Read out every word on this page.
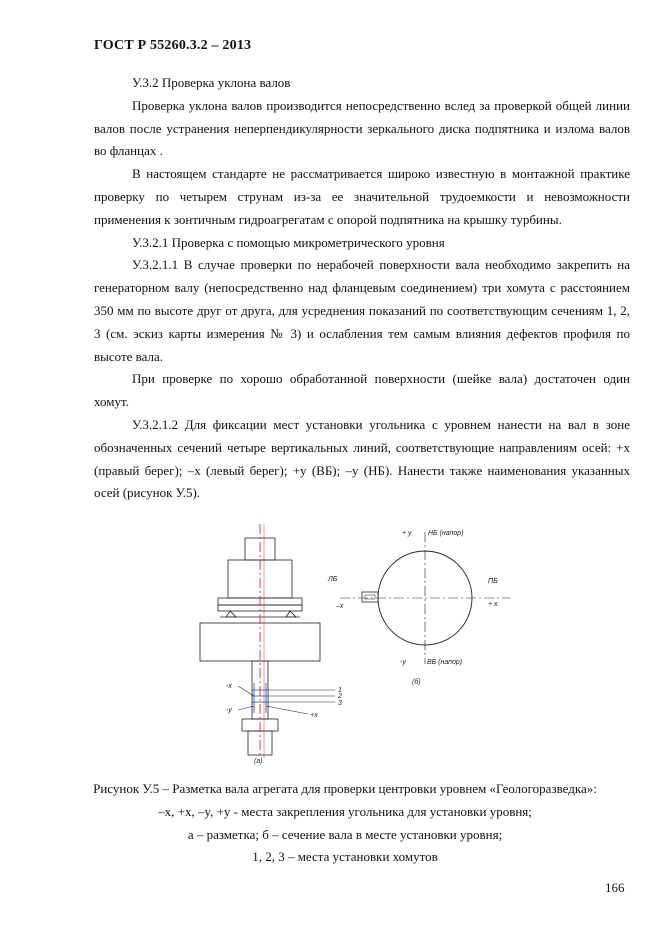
ГОСТ Р 55260.3.2 – 2013

У.3.2 Проверка уклона валов

Проверка уклона валов производится непосредственно вслед за проверкой общей линии валов после устранения неперпендикулярности зеркального диска подпятника и излома валов во фланцах .

В настоящем стандарте не рассматривается широко известную в монтажной практике проверку по четырем струнам из-за ее значительной трудоемкости и невозможности применения к зонтичным гидроагрегатам с опорой подпятника на крышку турбины.

У.3.2.1 Проверка с помощью микрометрического уровня

У.3.2.1.1 В случае проверки по нерабочей поверхности вала необходимо закрепить на генераторном валу (непосредственно над фланцевым соединением) три хомута с расстоянием 350 мм по высоте друг от друга, для усреднения показаний по соответствующим сечениям 1, 2, 3 (см. эскиз карты измерения № 3) и ослабления тем самым влияния дефектов профиля по высоте вала.

При проверке по хорошо обработанной поверхности (шейке вала) достаточен один хомут.

У.3.2.1.2 Для фиксации мест установки угольника с уровнем нанести на вал в зоне обозначенных сечений четыре вертикальных линий, соответствующие направлениям осей: +x (правый берег); –x (левый берег); +y (ВБ); –y (НБ). Нанести также наименования указанных осей (рисунок У.5).

1
2
3
-x
-y
+x
(а)
+ y НБ (напор)
ЛБ	ПБ
–x	+ x
-y	ВБ (напор)
(б)
Рисунок У.5 – Разметка вала агрегата для проверки центровки уровнем «Геологоразведка»:
–x, +x, –y, +y - места закрепления угольника для установки уровня;
а – разметка; б – сечение вала в месте установки уровня;
1, 2, 3 – места установки хомутов
166
